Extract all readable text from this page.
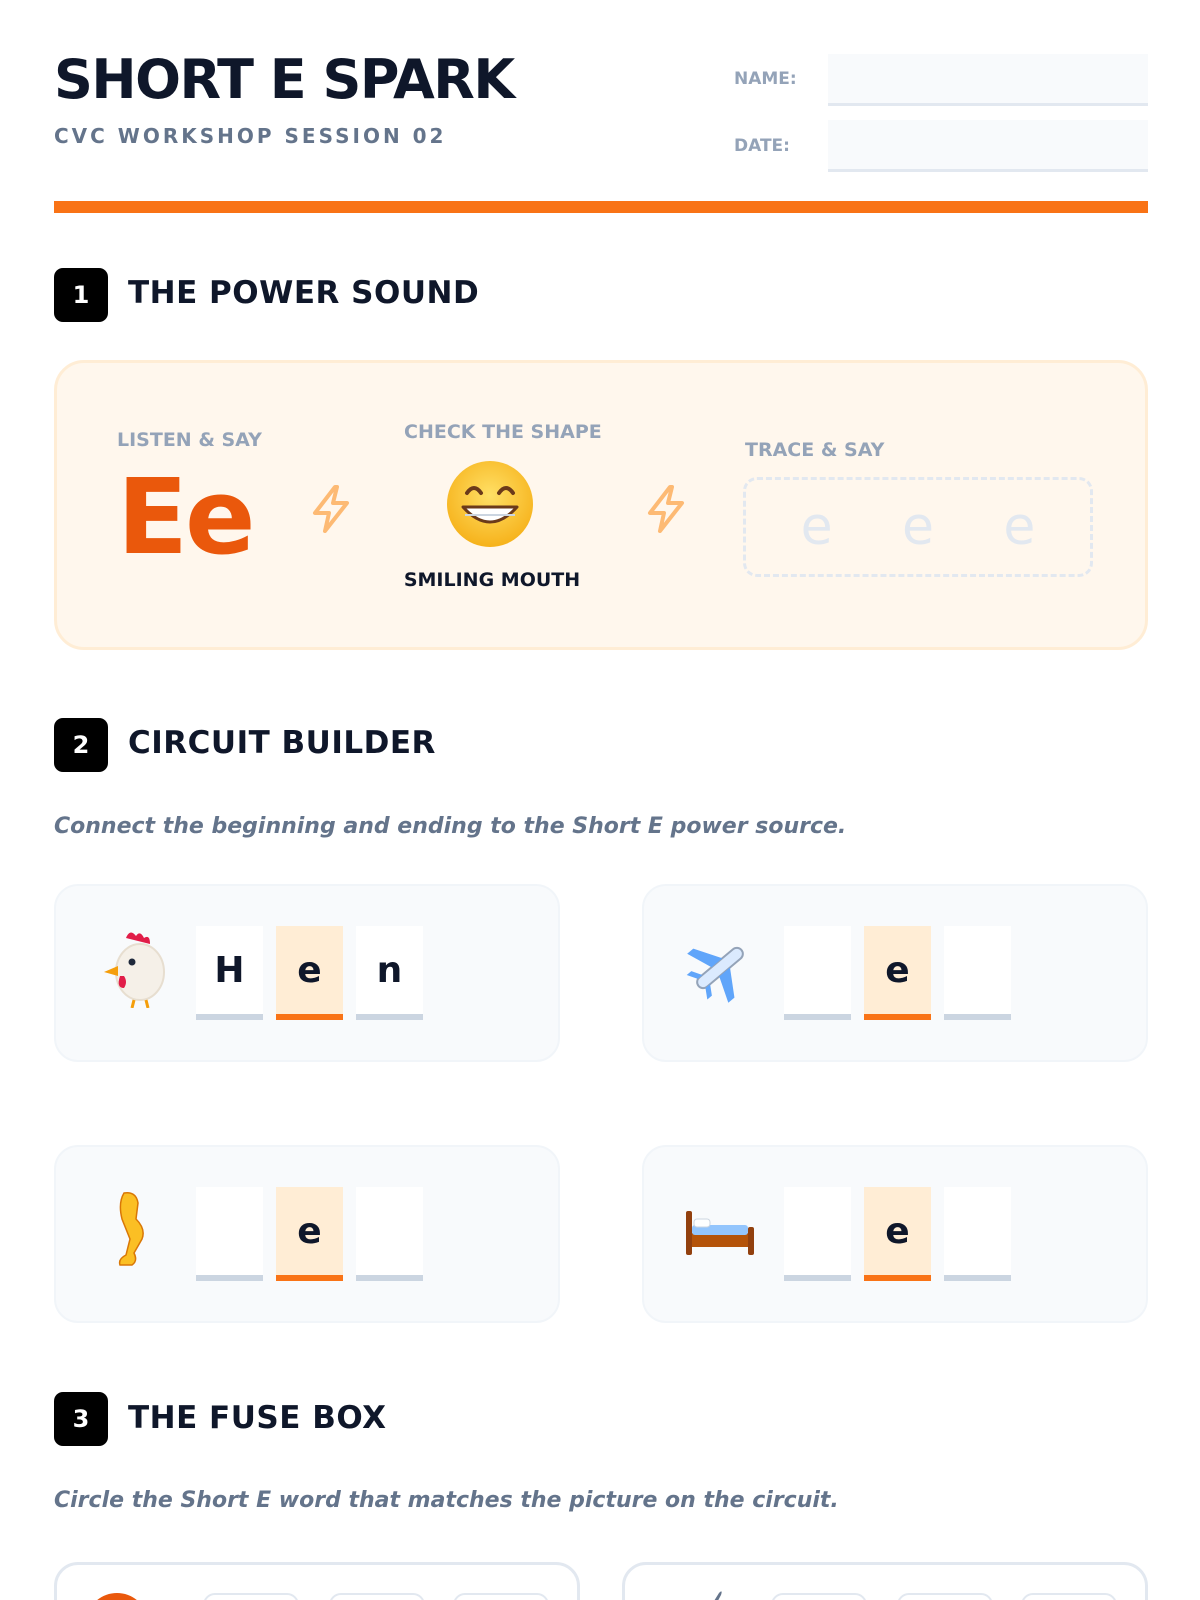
SHORT E SPARK
CVC WORKSHOP SESSION 02
NAME:
DATE:
1	THE POWER SOUND
LISTEN & SAY
Ee
CHECK THE SHAPE
SMILING MOUTH
TRACE & SAY
e e e
2	CIRCUIT BUILDER
Connect the beginning and ending to the Short E power source.
H	e	n	e
e	e
3	THE FUSE BOX
Circle the Short E word that matches the picture on the circuit.
